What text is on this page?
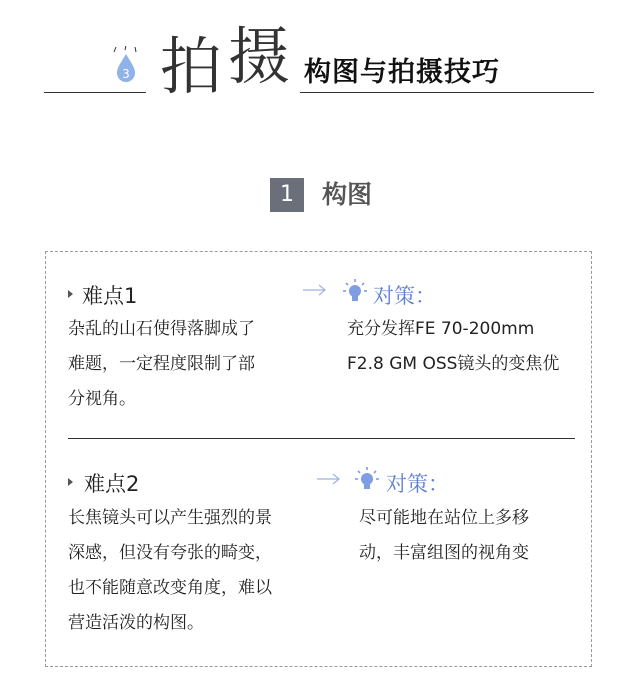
3 拍 摄 构图与拍摄技巧
1	构图
难点1
杂乱的山石使得落脚成了
难题，一定程度限制了部
分视角。
对策：
充分发挥FE 70-200mm
F2.8 GM OSS镜头的变焦优
难点2
长焦镜头可以产生强烈的景
深感，但没有夸张的畸变，
也不能随意改变角度，难以
营造活泼的构图。
对策：
尽可能地在站位上多移
动，丰富组图的视角变
